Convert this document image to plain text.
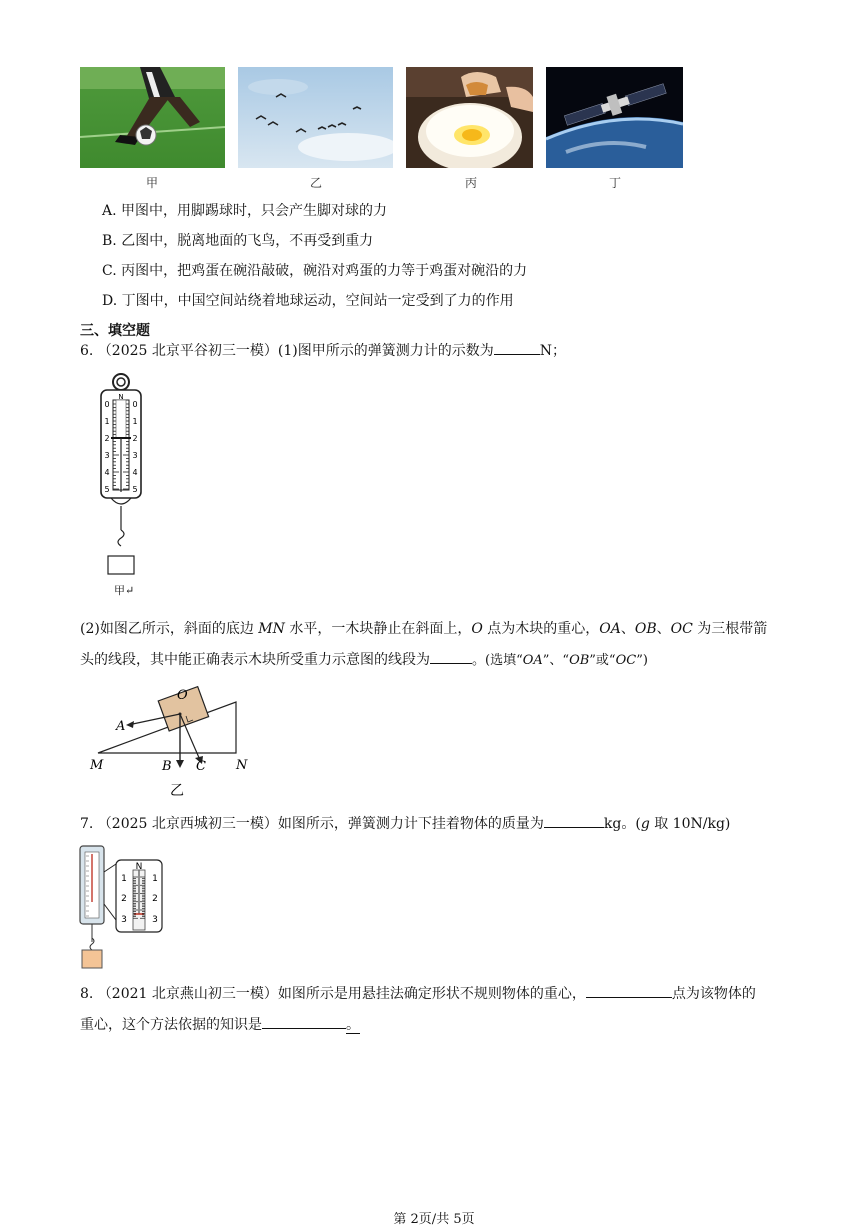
甲	乙	丙	丁
A. 甲图中，用脚踢球时，只会产生脚对球的力
B. 乙图中，脱离地面的飞鸟，不再受到重力
C. 丙图中，把鸡蛋在碗沿敲破，碗沿对鸡蛋的力等于鸡蛋对碗沿的力
D. 丁图中，中国空间站绕着地球运动，空间站一定受到了力的作用
三、填空题
6. （2025 北京平谷初三一模）(1)图甲所示的弹簧测力计的示数为	N；
N
0	0
1	1
2	2
3	3
4	4
5	5
甲↵
(2)如图乙所示，斜面的底边 MN 水平，一木块静止在斜面上，O 点为木块的重心，OA、OB、OC 为三根带箭
头的线段，其中能正确表示木块所受重力示意图的线段为	。(选填“OA”、“OB”或“OC”)
O
A
M	B C N
乙
7. （2025 北京西城初三一模）如图所示，弹簧测力计下挂着物体的质量为	kg。(g 取 10N/kg)
N
1
2
3
1
2
3
8. （2021 北京燕山初三一模）如图所示是用悬挂法确定形状不规则物体的重心，	点为该物体的
重心，这个方法依据的知识是	。
第 2页/共 5页
